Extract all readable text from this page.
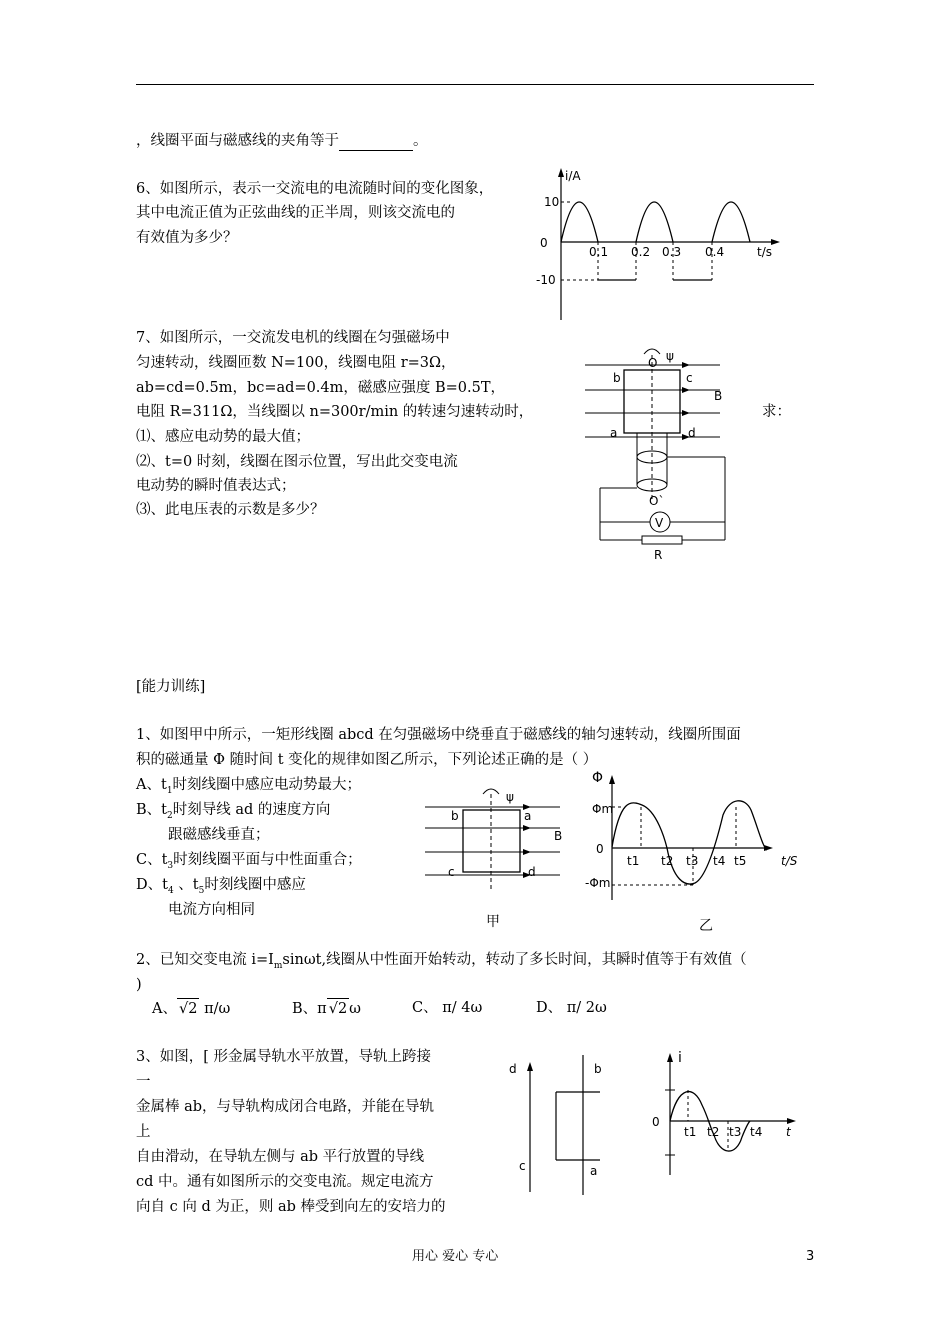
，线圈平面与磁感线的夹角等于	。
6、如图所示，表示一交流电的电流随时间的变化图象，
其中电流正值为正弦曲线的正半周，则该交流电的
有效值为多少？
i/A
t/s
10
0
-10
0.1 0.2 0.3 0.4
7、如图所示，一交流发电机的线圈在匀强磁场中
匀速转动，线圈匝数 N=100，线圈电阻 r=3Ω，
ab=cd=0.5m，bc=ad=0.4m，磁感应强度 B=0.5T，
电阻 R=311Ω，当线圈以 n=300r/min 的转速匀速转动时，	求：
⑴、感应电动势的最大值；
⑵、t=0 时刻，线圈在图示位置，写出此交变电流
电动势的瞬时值表达式；
⑶、此电压表的示数是多少？
O ψ
b	c
B
a	d
O`
V
R
[能力训练]
1、如图甲中所示，一矩形线圈 abcd 在匀强磁场中绕垂直于磁感线的轴匀速转动，线圈所围面
积的磁通量 Φ 随时间 t 变化的规律如图乙所示，下列论述正确的是（ ）
A、$t_1$时刻线圈中感应电动势最大；
B、$t_2$时刻导线 ad 的速度方向
跟磁感线垂直；
C、$t_3$时刻线圈平面与中性面重合；
D、$t_4$ 、$t_5$时刻线圈中感应
电流方向相同
ψ
b	a
B
c	d
甲
Φ
Φm
0
-Φm
t/S
t1 t2 t3 t4 t5
乙
2、已知交变电流 $i=I_m\sin\omega t$,线圈从中性面开始转动，转动了多长时间，其瞬时值等于有效值（
)
A、 √2 π/ω	B、π √2 ω	C、 π/ 4ω	D、 π/ 2ω
3、如图，[ 形金属导轨水平放置，导轨上跨接
一
金属棒 ab，与导轨构成闭合电路，并能在导轨
上
自由滑动，在导轨左侧与 ab 平行放置的导线
cd 中。通有如图所示的交变电流。规定电流方
向自 c 向 d 为正，则 ab 棒受到向左的安培力的
d
c
b
a
i
0
t
t1 t2 t3 t4
用心 爱心 专心	3
